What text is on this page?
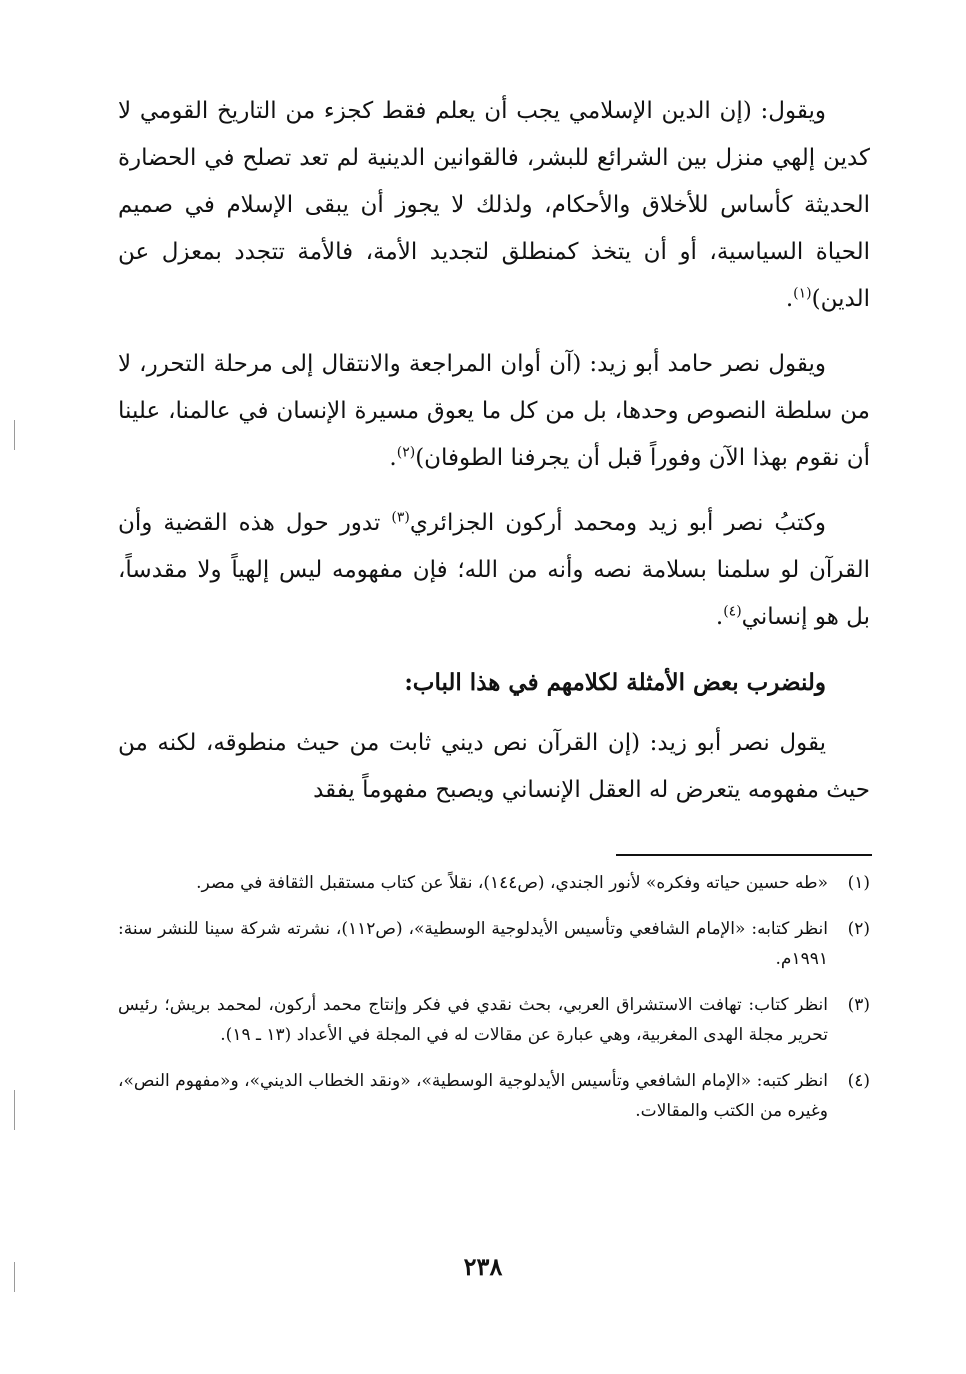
ويقول: (إن الدين الإسلامي يجب أن يعلم فقط كجزء من التاريخ القومي لا كدين إلهي منزل بين الشرائع للبشر، فالقوانين الدينية لم تعد تصلح في الحضارة الحديثة كأساس للأخلاق والأحكام، ولذلك لا يجوز أن يبقى الإسلام في صميم الحياة السياسية، أو أن يتخذ كمنطلق لتجديد الأمة، فالأمة تتجدد بمعزل عن الدين)$^{(١)}$.

ويقول نصر حامد أبو زيد: (آن أوان المراجعة والانتقال إلى مرحلة التحرر، لا من سلطة النصوص وحدها، بل من كل ما يعوق مسيرة الإنسان في عالمنا، علينا أن نقوم بهذا الآن وفوراً قبل أن يجرفنا الطوفان)$^{(٢)}$.

وكتبُ نصر أبو زيد ومحمد أركون الجزائري$^{(٣)}$ تدور حول هذه القضية وأن القرآن لو سلمنا بسلامة نصه وأنه من الله؛ فإن مفهومه ليس إلهياً ولا مقدساً، بل هو إنساني$^{(٤)}$.

ولنضرب بعض الأمثلة لكلامهم في هذا الباب:

يقول نصر أبو زيد: (إن القرآن نص ديني ثابت من حيث منطوقه، لكنه من حيث مفهومه يتعرض له العقل الإنساني ويصبح مفهوماً يفقد

(١)
«طه حسين حياته وفكره» لأنور الجندي، (ص١٤٤)، نقلاً عن كتاب مستقبل الثقافة في مصر.
(٢)
انظر كتابه: «الإمام الشافعي وتأسيس الأيدلوجية الوسطية»، (ص١١٢)، نشرته شركة سينا للنشر سنة: ١٩٩١م.
(٣)
انظر كتاب: تهافت الاستشراق العربي، بحث نقدي في فكر وإنتاج محمد أركون، لمحمد بريش؛ رئيس تحرير مجلة الهدى المغربية، وهي عبارة عن مقالات له في المجلة في الأعداد (١٣ ـ ١٩).
(٤)
انظر كتبه: «الإمام الشافعي وتأسيس الأيدلوجية الوسطية»، «ونقد الخطاب الديني»، و«مفهوم النص»، وغيره من الكتب والمقالات.
٢٣٨
